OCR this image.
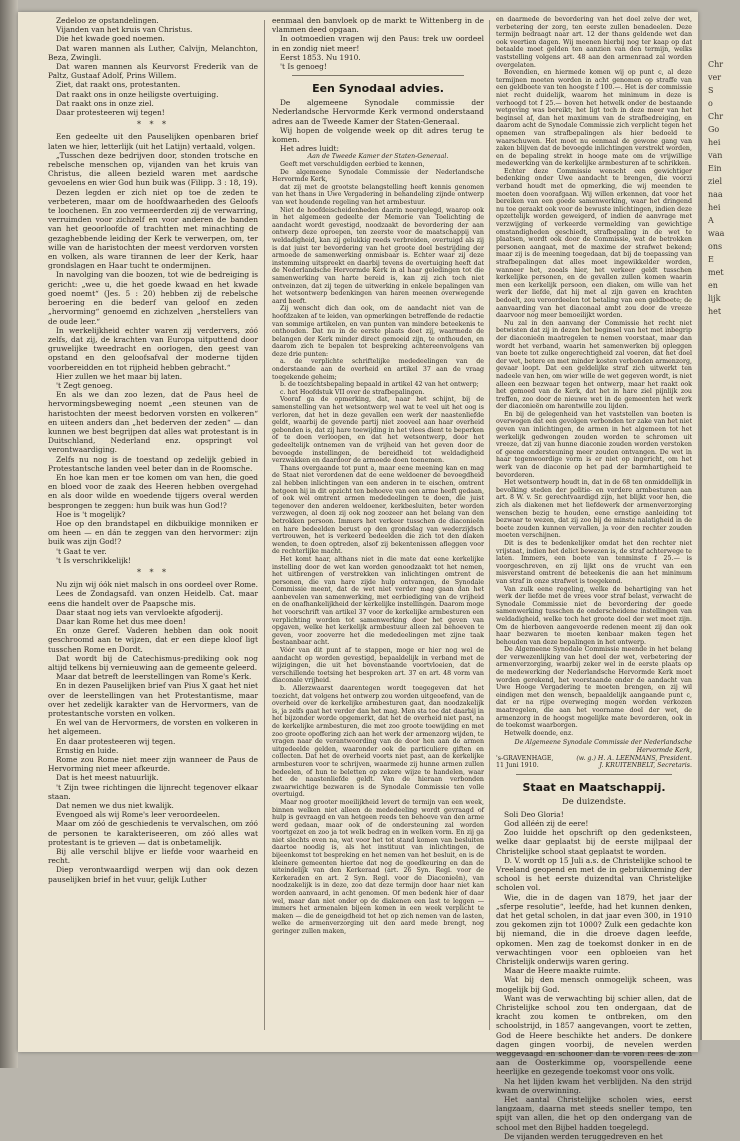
Zedeloo ze opstandelingen.

Vijanden van het kruis van Christus.

Die het kwade goed noemen.

Dat waren mannen als Luther, Calvijn, Melanchton, Beza, Zwingli.

Dat waren mannen als Keurvorst Frederik van de Paltz, Gustaaf Adolf, Prins Willem.

Ziet, dat raakt ons, protestanten.

Dat raakt ons in onze heiligste overtuiging.

Dat raakt ons in onze ziel.

Daar protesteeren wij tegen!

* * *

Een gedeelte uit den Pauselijken openbaren brief laten we hier, letterlijk (uit het Latijn) vertaald, volgen.

„Tusschen deze bedrijven door, stonden trotsche en rebelsche menschen op, vijanden van het kruis van Christus, die alleen bezield waren met aardsche gevoelens en wier God hun buik was (Filipp. 3 : 18, 19).

Dezen legden er zich niet op toe de zeden te verbeteren, maar om de hoofdwaarheden des Geloofs te loochenen. En zoo vermeerderden zij de verwarring, verruimden voor zichzelf en voor anderen de banden van het geoorloofde of trachtten met minachting de gezaghebbende leiding der Kerk te verwerpen, om, ter wille van de haristochten der meest verdorven vorsten en volken, als ware tirannen de leer der Kerk, haar grondslagen en Haar tucht te ondermijnen.

In navolging van die boozen, tot wie de bedreiging is gericht: „wee u, die het goede kwaad en het kwade goed noemt“ (Jes. 5 : 20) hebben zij de rebelsche beroering en die bederf van geloof en zeden „hervorming“ genoemd en zichzelven „herstellers van de oude leer.“

In werkelijkheid echter waren zij verdervers, zóó zelfs, dat zij, de krachten van Europa uitputtend door gruwelijke tweedracht en oorlogen, den geest van opstand en den geloofsafval der moderne tijden voorbereidden en tot rijpheid hebben gebracht.“

Hier zullen we het maar bij laten.

't Zegt genoeg.

En als we dan zoo lezen, dat de Paus heel de hervormingsbeweging noemt „een steunen van de haristochten der meest bedorven vorsten en volkeren“ en uiteen anders dan „het bederven der zeden“ — dan kunnen we best begrijpen dat alles wat protestant is in Duitschland, Nederland enz. opspringt vol verontwaardiging.

Zelfs nu nog is de toestand op zedelijk gebied in Protestantsche landen veel beter dan in de Roomsche.

En hoe kan men er toe komen om van hen, die goed en bloed voor de zaak des Heeren hebben overgehad en als door wilde en woedende tijgers overal werden besprongen te zeggen: hun buik was hun God!?

Hoe is 't mogelijk?

Hoe op den brandstapel en dikbuikige monniken er om heen — en dán te zeggen van den hervormer: zijn buik was zijn God!?

't Gaat te ver.

't Is verschrikkelijk!

* * *

Nu zijn wij óók niet malsch in ons oordeel over Rome.

Lees de Zondagsafd. van onzen Heidelb. Cat. maar eens die handelt over de Paapsche mis.

Daar staat nog iets van vervloekte afgoderij.

Daar kan Rome het dus mee doen!

En onze Geref. Vaderen hebben dan ook nooit geschroomd aan te wijzen, dat er een diepe kloof ligt tusschen Rome en Dordt.

Dat wordt bij de Catechismus-prediking ook nog altijd telkens bij vernieuwing aan de gemeente geleerd.

Maar dat betreft de leerstellingen van Rome's Kerk.

En in dezen Pauselijken brief van Pius X gaat het niet over de leerstellingen van het Protestantisme, maar over het zedelijk karakter van de Hervormers, van de protestantsche vorsten en volken.

En wel van de Hervormers, de vorsten en volkeren in het algemeen.

En daar protesteeren wij tegen.

Ernstig en luide.

Rome zou Rome niet meer zijn wanneer de Paus de Hervorming niet meer afkeurde.

Dat is het meest natuurlijk.

't Zijn twee richtingen die lijnrecht tegenover elkaar staan.

Dat nemen we dus niet kwalijk.

Evengoed als wij Rome's leer veroordeelen.

Maar om zóó de geschiedenis te vervalschen, om zóó de personen te karakteriseeren, om zóó alles wat protestant is te grieven — dat is onbetamelijk.

Bij alle verschil blijve er liefde voor waarheid en recht.

Diep verontwaardigd werpen wij dan ook dezen pauselijken brief in het vuur, gelijk Luther

eenmaal den banvloek op de markt te Wittenberg in de vlammen deed opgaan.

In ootmoedien vragen wij den Paus: trek uw oordeel in en zondig niet meer!

Eerst 1853. Nu 1910.

't Is genoeg!

Een Synodaal advies.

De algemeene Synodale commissie der Nederlandsche Hervormde Kerk vermond onderstaand adres aan de Tweede Kamer der Staten-Generaal.

Wij hopen de volgende week op dit adres terug te komen.

Het adres luidt:

Aan de Tweede Kamer der Staten-Generaal.

Geeft met verschuldigden eerbied te kennen,

De algemeene Synodale Commissie der Nederlandsche Hervormde Kerk,

dat zij met de grootste belangstelling heeft kennis genomen van het thans in Uwe Vergadering in behandeling zijnde ontwerp van wet houdende regeling van het armbestuur.

Niet de hoofdeischeidenheden daarin neergelegd, waarop ook in het algemeen gedeelte der Memorie van Toelichting de aandacht wordt gevestigd, noodzaakt de bevordering der aan ontwerp deze oproepen, ten zeerste voor de maatschappij van weldadigheid, kan zij gelukkig reeds verbreiden, overtuigd als zij is dat juist ter bevordering van het groote doel bestrijding der armoede de samenwerking onmisbaar is. Echter waar zij deze instemming uitspreekt en daarbij tevens de overtuiging heeft dat de Nederlandsche Hervormde Kerk in al haar geledingen tot die samenwerking van harte bereid is, kan zij zich toch niet ontveinzen, dat zij tegen de uitwerking in enkele bepalingen van het wetsontwerp bedenkingen van haren meenen overwegende aard heeft.

Zij wenscht dich dan ook, om de aandacht niet van de hoofdzaken af te leiden, van opmerkingen betreffende de redactie van sommige artikelen, en van punten van mindere beteekenis te onthouden. Dat nu in de eerste plaats doet zij, waarmede de belangen der Kerk minder direct gemoeid zijn, te onthouden, en daarom zich te bepalen tot bespreking achtereenvolgens van deze drie punten:

a. de verplichte schriftelijke mededeelingen van de onderstaande aan de overheid en artikel 37 aan de vraag toegekende geheim;

b. de toezichtsbepaling bepaald in artikel 42 van het ontwerp;

c. het Hoofdstuk VII over de strafbepalingen.

Vooraf ga de opmerking, dat, naar het schijnt, bij de samenstelling van het wetsontwerp wel wat te veel uit het oog is verloren, dat het in deze gevallen een werk der naastenliefde geldt, waarbij de gevende partij niet zooveel aan haar overheid gebonden is, dat zij hare toewijding in het vlees dient te beperken of te doen verloopen, en dat het wetsontwerp, door het gedeeltelijk ontnemen van de vrijheid van het geven door de bevoegde instellingen, de bereidheid tot weldadigheid verzwakken en daardoor de armoede doen toenemen.

Thans overgaande tot punt a, maar eene meening kan en mag de Staat niet verordenen dat de eene weldoener de bevoegdheid zal hebben inlichtingen van een anderen in te eischen, omtrent hetgeen hij in dit opzicht ten behoeve van een arme heeft gedaan, of ook wel omtrent armen mededeelingen te doen, die juist tegenover den anderen weldoener, kerkbesluiten, beter worden verzwegen, al doen zij ook nog zoozeer aan het belang van den betrokken persoon. Immers het verkeer tusschen de diaconieën en hare bedeelden berust op den grondslag van wederzijdsch vertrouwen, het is verkeerd bedeelden die zich tot den diaken wenden, te doen optreden, alsof zij bekentenissen afleggen voor de rechterlijke macht.

Het komt haar, althans niet in die mate dat eene kerkelijke instelling door de wet kan worden genoodzaakt tot het nemen, het uitbrengen of verstrekken van inlichtingen omtrent de personen, die van hare zijde hulp ontvangen, de Synodale Commissie meent, dat de wet niet verder mag gaan dan het aanbevelen van samenwerking, met eerbiediging van de vrijheid en de onafhankelijkheid der kerkelijke instellingen. Daarom moge het voorschrift van artikel 37 voor de kerkelijke armbesturen een verplichting worden tot samenwerking door het geven van opgaven, welke het kerkelijk armbestuur alleen zal behoeven te geven, voor zooverre het die mededeelingen met zijne taak bestaanbaar acht.

Vóór van dit punt af te stappen, moge er hier nog wel de aandacht op worden gevestigd, bepaaldelijk in verband met de wijzigingen, die uit het bovenstaande voortvloeien, dat de verschillende toetsing het besproken art. 37 en art. 48 vorm van diaconale vrijheid.

b. Allerzwaarst daarentegen wordt toegegeven dat het toezicht, dat volgens het ontwerp zou worden uitgeoefend, van de overheid over de kerkelijke armbesturen gaat, dan noodzakelijk is, ja zelfs gaat het verder dan het mag. Men sta toe dat daarbij in het bijzonder worde opgemerkt, dat het de overheid niet past, na de kerkelijke armbesturen, die met zoo groote toewijding en met zoo groote opoffering zich aan het werk der armenzorg wijden, te vragen naar de verantwoording van de door hen aan de armen uitgedeelde gelden, waaronder ook de particuliere giften en collecten. Dat het de overheid voorts niet past, aan de kerkelijke armbesturen voor te schrijven, waarmede zij hunne armen zullen bedeelen, of hun te beletten op zekere wijze te handelen, waar het de naastenliefde geldt. Van de hieraan verbonden zwaarwichtige bezwaren is de Synodale Commissie ten volle overtuigd.

Maar nog grooter moeilijkheid levert de termijn van een week, binnen welken niet alleen de mededeeling wordt gevraagd of hulp is gevraagd en van hetgeen reeds ten behoeve van den arme werd gedaan, maar ook of de ondersteuning zal worden voortgezet en zoo ja tot welk bedrag en in welken vorm. En zij ga niet slechts even na, wat voor het tot stand komen van besluiten daartoe noodig is, als het instituut van inlichtingen, de bijeenkomst tot bespreking en het nemen van het besluit, en is de kleinere gemeenten hiertoe dat nog de goedkeuring en dan de uiteindelijk van den Kerkeraad (art. 26 Syn. Regl. voor de Kerkeraden en art. 2 Syn. Regl. voor de Diaconieën), van noodzakelijk is in deze, zoo dat deze termijn door haar niet kan worden aanvaard, in acht genomen. Of men bedenk hier of daar wel, maar dan niet onder op de diakenen een last te leggen — immers het armenalen bijeen komen in een week verplicht te maken — die de geneigdheid tot het op zich nemen van de lasten, welke de armenverzorging uit den aard mede brengt, nog geringer zullen maken,

en daarmede de bevordering van het doel zelve der wet, verbetering der zorg, ten eerste zullen benadeelen. Deze termijn bedraagt naar art. 12 der thans geldende wet dan ook veertien dagen. Wij meenen hierbij nog ter kaap op dat betaalde moet gelden ten aanzien van den termijn, welks vaststelling volgens art. 48 aan den armenraad zal worden overgelaten.

Bovendien, en hiermede komen wij op punt c, al deze termijnen moeten worden in acht genomen op straffe van een geldboete van ten hoogste f 100.—. Het is der commissie niet recht duidelijk, waarom het minimum in deze is verhoogd tot f 25.— boven het hetwelk onder de bestaande wetgeving was bereikt; het ligt toch in deze meer van het beginsel af, dan het maximum van de strafbedreiging, en daarom acht de Synodale Commissie zich verplicht tegen het opnemen van strafbepalingen als hier bedoeld te waarschuwen. Het moet nu eenmaal de gewone gang van zaken blijven dat de bevoegde inlichtingen verstrekt worden, en de bepaling strekt in hooge mate om de vrijwillige medewerking van de kerkelijke armbesturen af te schrikken.

Echter deze Commissie wenscht een gewichtiger bedenking onder Uwe aandacht te brengen, die voorzi verband houdt met de opmerking, die wij meenden te moeten doen voorafgaan. Wij willen erkennen, dat voor het bereiken van een goede samenwerking, waar het dringend nu toe geraakt ook voor de bewuste inlichtingen, indien deze opzettelijk worden geweigerd, of indien de aanvrage met verzwijging of verkeerde vermelding van gewichtige omstandigheden geschiedt, strafbepaling in de wet te plaatsen, wordt ook door de Commissie, wat de betrokken personen aangaat, met de maxime der strafwet bekend; maar zij is de meening toegedaan, dat bij de toepassing van strafbepalingen dat alles moet ingewikkelder worden, wanneer het, zooals hier, het verkeer geldt tusschen kerkelijke personen, en de gevallen zullen komen waarin men een kerkelijk persoon, een diaken, om wille van het werk der liefde, dat hij met al zijn gaven en krachten bedoelt, zou veroordeelen tot betaling van een geldboete; de aanvaarding van het diaconaal ambt zou door de vreeze daarvoor nog meer bemoeilijkt worden.

Nu zal in den aanvang der Commissie het recht niet betwisten dat zij in dezen het beginsel van het met inbegrip der diaconieën maatregelen te nemen voorstaat, maar dan wordt het verband, waarin het samenwerken bij opleggen van boete tot zulke ongerechtigheid zal voeren, dat het doel der wet, betere en met minder kosten verbonden armenzorg, gevaar loopt. Dat een geldelijke straf zich uitwerkt ten nadeele van hen, om wier wille de wet gegeven wordt, is niet alleen een bezwaar tegen het ontwerp, maar het raakt ook het gemoed van de Kerk, dat het in hare ziel pijnlijk zou treffen, zoo door de nieuwe wet in de gemeenten het werk der diaconieën om harentwille zou lijden.

En bij de gelegenheid van het vaststellen van boeten is overwogen dat een gevolgen verbonden ter zake van het niet geven van inlichtingen, de armen in het algemeen tot het werkelijk gedwongen zouden worden te schromen uit vreeze, dat zij van hunne diaconie zouden worden verstoken of geene ondersteuning meer zouden ontvangen. De wet in haar tegenwoordige vorm is er niet op ingericht, om het werk van de diaconie op het pad der barmhartigheid te bevorderen.

Het wetsontwerp houdt in, dat in de 68 ten onmiddellijk in bevolking steden der politie- en verdere armbesturen aan art. 8 W. v. Sr. gerechtvaardigd zijn, het blijkt voor hen, die zich als diakenen met het liefdewerk der armenverzorging wenschen bezig te houden, eene ernstige aanleiding tot bezwaar te wezen, dat zij zoo bij de minste nalatigheid in de boete zouden kunnen vervallen, ja voor den rechter zouden moeten verschijnen.

Dit is des te bedenkelijker omdat het den rechter niet vrijstaat, indien het delict bewezen is, de straf achterwege te laten. Immers, een boete van tenminste f 25.— is voorgeschreven, en zij lijkt ons de vrucht van een misverstand omtrent de beteekenis die aan het minimum van straf in onze strafwet is toegekend.

Van zulk eene regeling, welke de behartiging van het werk der liefde met de vrees voor straf belast, verwacht de Synodale Commissie niet de bevordering der goede samenwerking tusschen de onderscheidene instellingen van weldadigheid, welke toch het groote doel der wet moet zijn. Om de hierboven aangevoerde redenen meent zij dan ook haar bezwaren te moeten kenbaar maken tegen het behouden van deze bepalingen in het ontwerp.

De Algemeene Synodale Commissie meende in het belang der verwezenlijking van het doel der wet, verbetering der armenverzorging, waarbij zeker wel in de eerste plaats op de medewerking der Nederlandsche Hervormde Kerk moet worden gerekend, het voorstaande onder de aandacht van Uwe Hooge Vergadering te moeten brengen, en zij wil eindigen met den wensch, bepaaldelijk aangaande punt c, dat er na rijpe overweging mogen worden verkozen maatregelen, die aan het voorname doel der wet, de armenzorg in de hoogst mogelijke mate bevorderen, ook in de toekomst waarborgen.

Hetwelk doende, enz.

De Algemeene Synodale Commissie der Nederlandsche Hervormde Kerk,
's-GRAVENHAGE,	(w. g.) H. A. LEENMANS, President.
11 Juni 1910.	J. KRUITENBELT, Secretaris.
Staat en Maatschappij.
De duizendste.

Soli Deo Gloria!

God alléén zij de eere!

Zoo luidde het opschrift op den gedenksteen, welke daar geplaatst bij de eerste mijlpaal der Christelijke school staat geplaatst te worden.

D. V. wordt op 15 Juli a.s. de Christelijke school te Vreeland geopend en met de in gebruikneming der school is het eerste duizendtal van Christelijke scholen vol.

Wie, die in de dagen van 1879, het jaar der „sferpe resolutie“, leefde, had het kunnen denken, dat het getal scholen, in dat jaar even 300, in 1910 zou gekomen zijn tot 1000? Zulk een gedachte kon bij niemand, die in die droeve dagen leefde, opkomen. Men zag de toekomst donker in en de verwachtingen voor een opbloeien van het Christelijk onderwijs waren gering.

Maar de Heere maakte ruimte.

Wat bij den mensch onmogelijk scheen, was mogelijk bij God.

Want was de verwachting bij schier allen, dat de Christelijke school zou ten ondergaan, dat de kracht zou komen te ontbreken, om den schoolstrijd, in 1857 aangevangen, voort te zetten, God de Heere beschikte het anders. De donkere dagen gingen voorbij, de nevelen werden weggevaagd en schooner dan te voren rees de zon aan de Oosterkimme op, voorspellende eene heerlijke en gezegende toekomst voor ons volk.

Na het lijden kwam het verblijden. Na den strijd kwam de overwinning.

Het aantal Christelijke scholen wies, eerst langzaam, daarna met steeds sneller tempo, ten spijt van allen, die het op den ondergang van de school met den Bijbel hadden toegelegd.

De vijanden werden teruggedreven en het

Chr
ver
S
o
Chr
Go
hei
van
Ein
ziel
naa
hei
A
waa
ons
E
met
en
lijk
het
